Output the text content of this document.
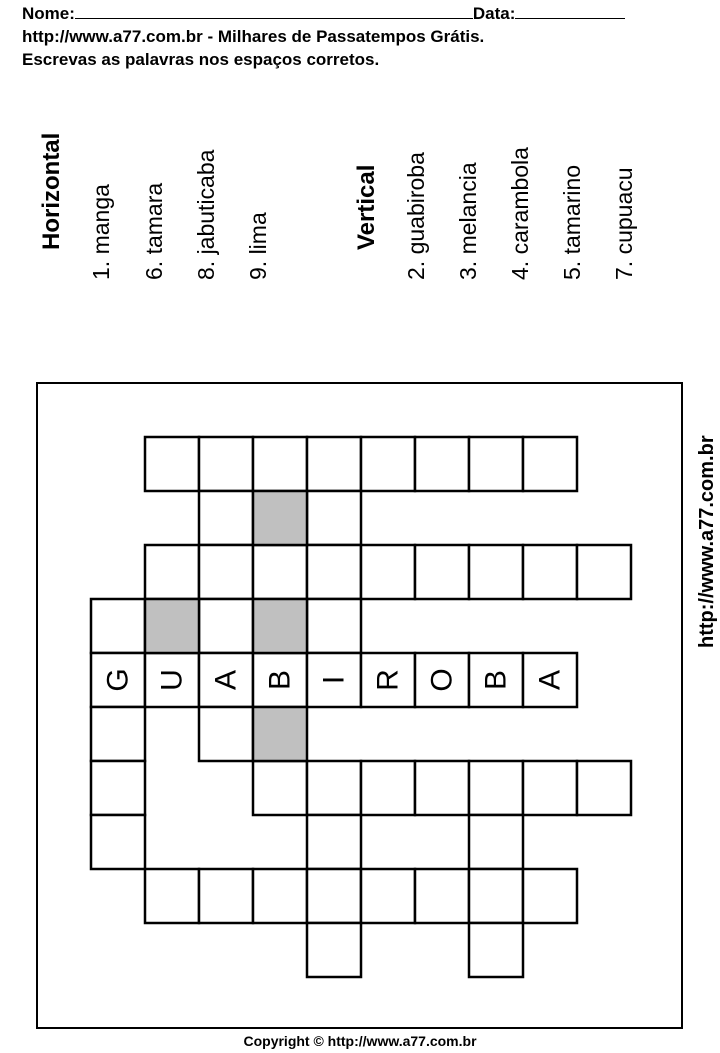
Nome:	Data:
http://www.a77.com.br - Milhares de Passatempos Grátis.
Escrevas as palavras nos espaços corretos.
Horizontal 1. manga 6. tamara 8. jabuticaba 9. lima	Vertical 2. guabiroba 3. melancia 4. carambola 5. tamarino 7. cupuacu
G U A B I R O B A
http://www.a77.com.br
Copyright © http://www.a77.com.br
